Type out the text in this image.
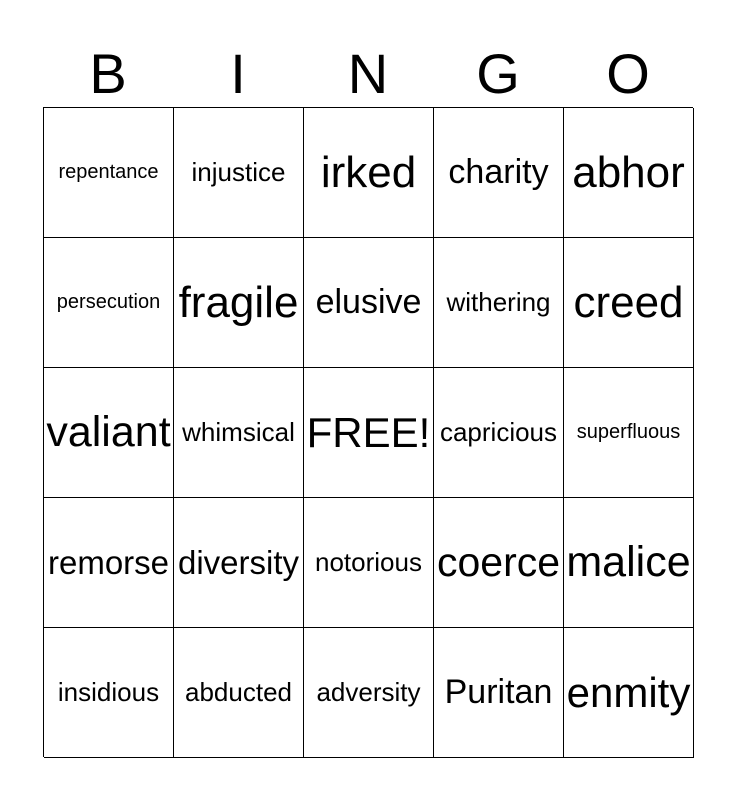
B	I	N	G	O
repentance injustice irked charity abhor
persecution fragile elusive withering creed
valiant whimsical FREE! capricious superfluous
remorse diversity notorious coerce malice
insidious abducted adversity Puritan enmity
